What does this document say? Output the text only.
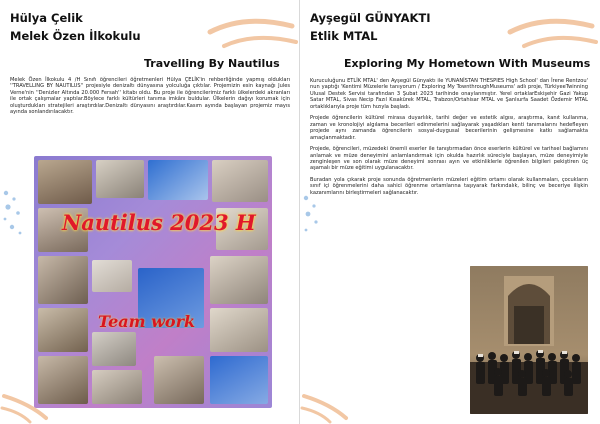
Hülya Çelik
Melek Özen İlkokulu
Travelling By Nautilus

Melek Özen İlkokulu 4 /H Sınıfı öğrencileri öğretmenleri Hülya ÇELİK'in rehberliğinde yapmış oldukları ''TRAVELLING BY NAUTILUS'' projesiyle denizaltı dünyasına yolculuğa çıktılar. Projemizin esin kaynağı Jules Verne'nin ''Denizler Altında 20.000 Fersah'' kitabı oldu. Bu proje ile öğrencilerimiz farklı ülkelerdeki akranları ile ortak çalışmalar yaptılar.Böylece farklı kültürleri tanıma imkânı buldular. Ülkelerin dağıyı korumak için oluşturdukları stratejileri araştırdılar.Denizaltı dünyasını araştırdılar.Kasım ayında başlayan projemiz mayıs ayında sonlandırılacaktır.

Nautilus 2023 H
Team work
Ayşegül GÜNYAKTI
Etlik MTAL
Exploring My Hometown With Museums

Kuruculuğunu ETLİK MTAL' den Ayşegül Günyaktı ile YUNANİSTAN THESPIES High School' dan İrene Rentzou' nun yaptığı 'Kentimi Müzelerle tanıyorum / Exploring My TownthroughMuseums' adlı proje, TürkiyeeTwinning Ulusal Destek Servisi tarafından 3 Şubat 2023 tarihinde onaylanmıştır. Yerel ortaklarEskişehir Gazi Yakup Satar MTAL, Sivas Necip Fazıl Kısakürek MTAL, Trabzon/Ortahisar MTAL ve Şanlıurfa Saadet Özdemir MTAL ortaklıklarıyla proje tüm hızıyla başladı.

Projede öğrencilerin kültürel mirasa duyarlılık, tarihi değer ve estetik algısı, araştırma, kanıt kullanma, zaman ve kronolojiyi algılama becerileri edinmelerini sağlayarak yaşadıkları kenti tanımalarını hedefleyen projede aynı zamanda öğrencilerin sosyal-duygusal becerilerinin gelişmesine katkı sağlamakta amaçlanmaktadır.

Projede, öğrencileri, müzedeki önemli eserler ile tanıştırmadan önce eserlerin kültürel ve tarihsel bağlamını anlamak ve müze deneyimini anlamlandırmak için okulda hazırlık süreciyle başlayan, müze deneyimiyle zenginleşen ve son olarak müze deneyimi sonrası ayın ve etkinliklerle öğrenilen bilgileri pekiştiren üç aşamalı bir müze eğitimi uygulanacaktır.

Buradan yola çıkarak proje sonunda öğretmenlerin müzeleri eğitim ortamı olarak kullanmaları, çocukların sınıf içi öğrenmelerini daha sahici öğrenme ortamlarına taşıyarak farkındalık, bilinç ve beceriye ilişkin kazanımlarını birleştirmeleri sağlanacaktır.
